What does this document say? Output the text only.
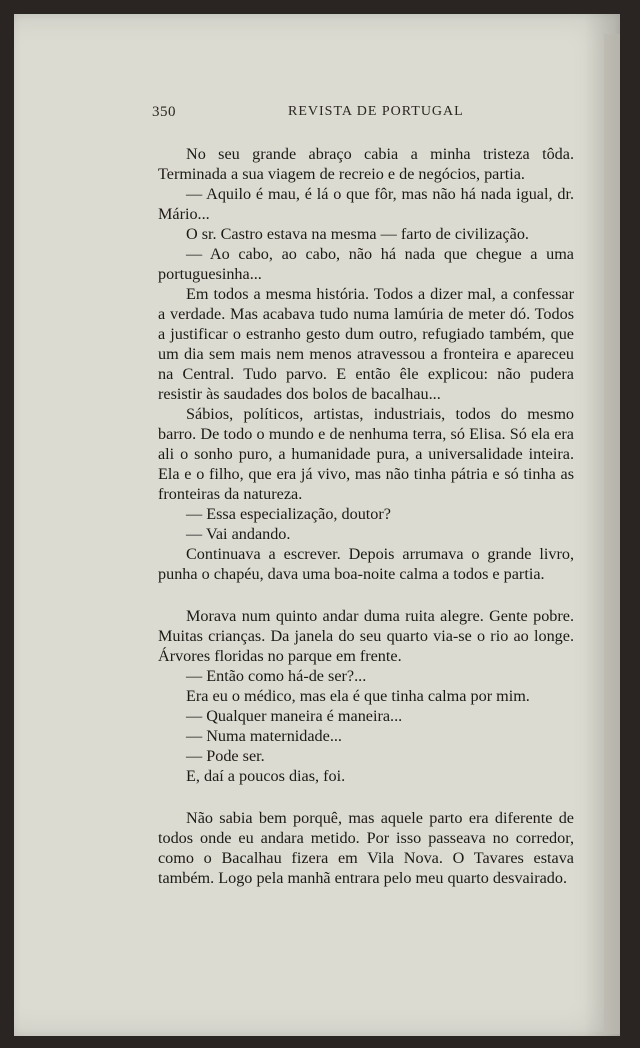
350	REVISTA DE PORTUGAL

No seu grande abraço cabia a minha tristeza tôda. Terminada a sua viagem de recreio e de negócios, partia.

— Aquilo é mau, é lá o que fôr, mas não há nada igual, dr. Mário...

O sr. Castro estava na mesma — farto de civilização.

— Ao cabo, ao cabo, não há nada que chegue a uma portuguesinha...

Em todos a mesma história. Todos a dizer mal, a confessar a verdade. Mas acabava tudo numa lamúria de meter dó. Todos a justificar o estranho gesto dum outro, refugiado também, que um dia sem mais nem menos atravessou a fronteira e apareceu na Central. Tudo parvo. E então êle explicou: não pudera resistir às saudades dos bolos de bacalhau...

Sábios, políticos, artistas, industriais, todos do mesmo barro. De todo o mundo e de nenhuma terra, só Elisa. Só ela era ali o sonho puro, a humanidade pura, a universalidade inteira. Ela e o filho, que era já vivo, mas não tinha pátria e só tinha as fronteiras da natureza.

— Essa especialização, doutor?

— Vai andando.

Continuava a escrever. Depois arrumava o grande livro, punha o chapéu, dava uma boa-noite calma a todos e partia.

Morava num quinto andar duma ruita alegre. Gente pobre. Muitas crianças. Da janela do seu quarto via-se o rio ao longe. Árvores floridas no parque em frente.

— Então como há-de ser?...

Era eu o médico, mas ela é que tinha calma por mim.

— Qualquer maneira é maneira...

— Numa maternidade...

— Pode ser.

E, daí a poucos dias, foi.

Não sabia bem porquê, mas aquele parto era diferente de todos onde eu andara metido. Por isso passeava no corredor, como o Bacalhau fizera em Vila Nova. O Tavares estava também. Logo pela manhã entrara pelo meu quarto desvairado.
